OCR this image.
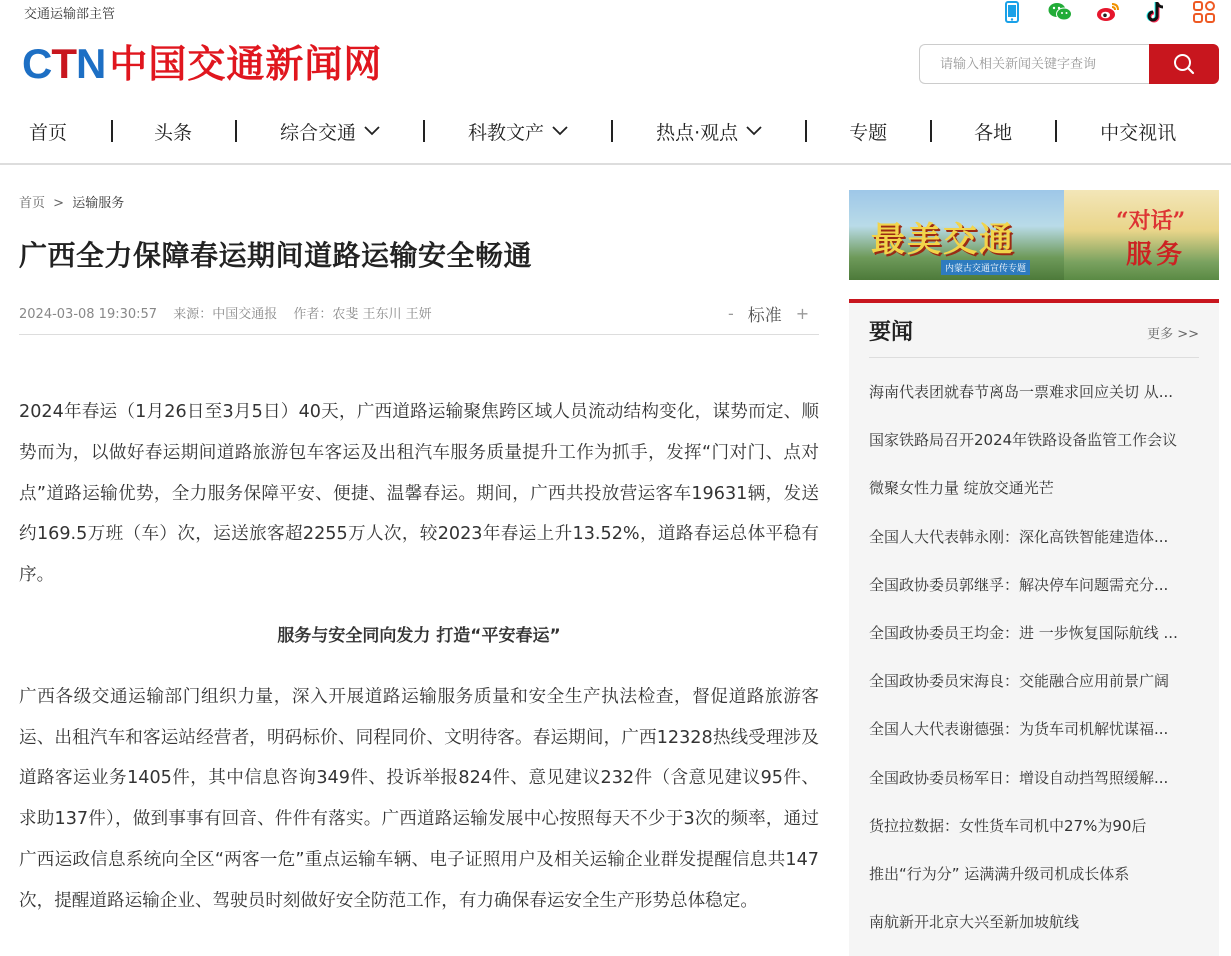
交通运输部主管
CTN 中国交通新闻网
请输入相关新闻关键字查询
首页	头条	综合交通	科教文产	热点·观点	专题	各地	中交视讯
首页 > 运输服务
广西全力保障春运期间道路运输安全畅通
2024-03-08 19:30:57 来源：中国交通报 作者：农斐 王东川 王妍	- 标准 +

2024年春运（1月26日至3月5日）40天，广西道路运输聚焦跨区域人员流动结构变化，谋势而定、顺势而为，以做好春运期间道路旅游包车客运及出租汽车服务质量提升工作为抓手，发挥“门对门、点对点”道路运输优势，全力服务保障平安、便捷、温馨春运。期间，广西共投放营运客车19631辆，发送约169.5万班（车）次，运送旅客超2255万人次，较2023年春运上升13.52%，道路春运总体平稳有序。

服务与安全同向发力 打造“平安春运”

广西各级交通运输部门组织力量，深入开展道路运输服务质量和安全生产执法检查，督促道路旅游客运、出租汽车和客运站经营者，明码标价、同程同价、文明待客。春运期间，广西12328热线受理涉及道路客运业务1405件，其中信息咨询349件、投诉举报824件、意见建议232件（含意见建议95件、求助137件），做到事事有回音、件件有落实。广西道路运输发展中心按照每天不少于3次的频率，通过广西运政信息系统向全区“两客一危”重点运输车辆、电子证照用户及相关运输企业群发提醒信息共147次，提醒道路运输企业、驾驶员时刻做好安全防范工作，有力确保春运安全生产形势总体稳定。

最美交通
内蒙古交通宣传专题
“对话”
服务
要闻	更多 >>
海南代表团就春节离岛一票难求回应关切 从...
国家铁路局召开2024年铁路设备监管工作会议
微聚女性力量 绽放交通光芒
全国人大代表韩永刚：深化高铁智能建造体...
全国政协委员郭继孚：解决停车问题需充分...
全国政协委员王均金：进 一步恢复国际航线 ...
全国政协委员宋海良：交能融合应用前景广阔
全国人大代表谢德强：为货车司机解忧谋福...
全国政协委员杨军日：增设自动挡驾照缓解...
货拉拉数据：女性货车司机中27%为90后
推出“行为分” 运满满升级司机成长体系
南航新开北京大兴至新加坡航线
